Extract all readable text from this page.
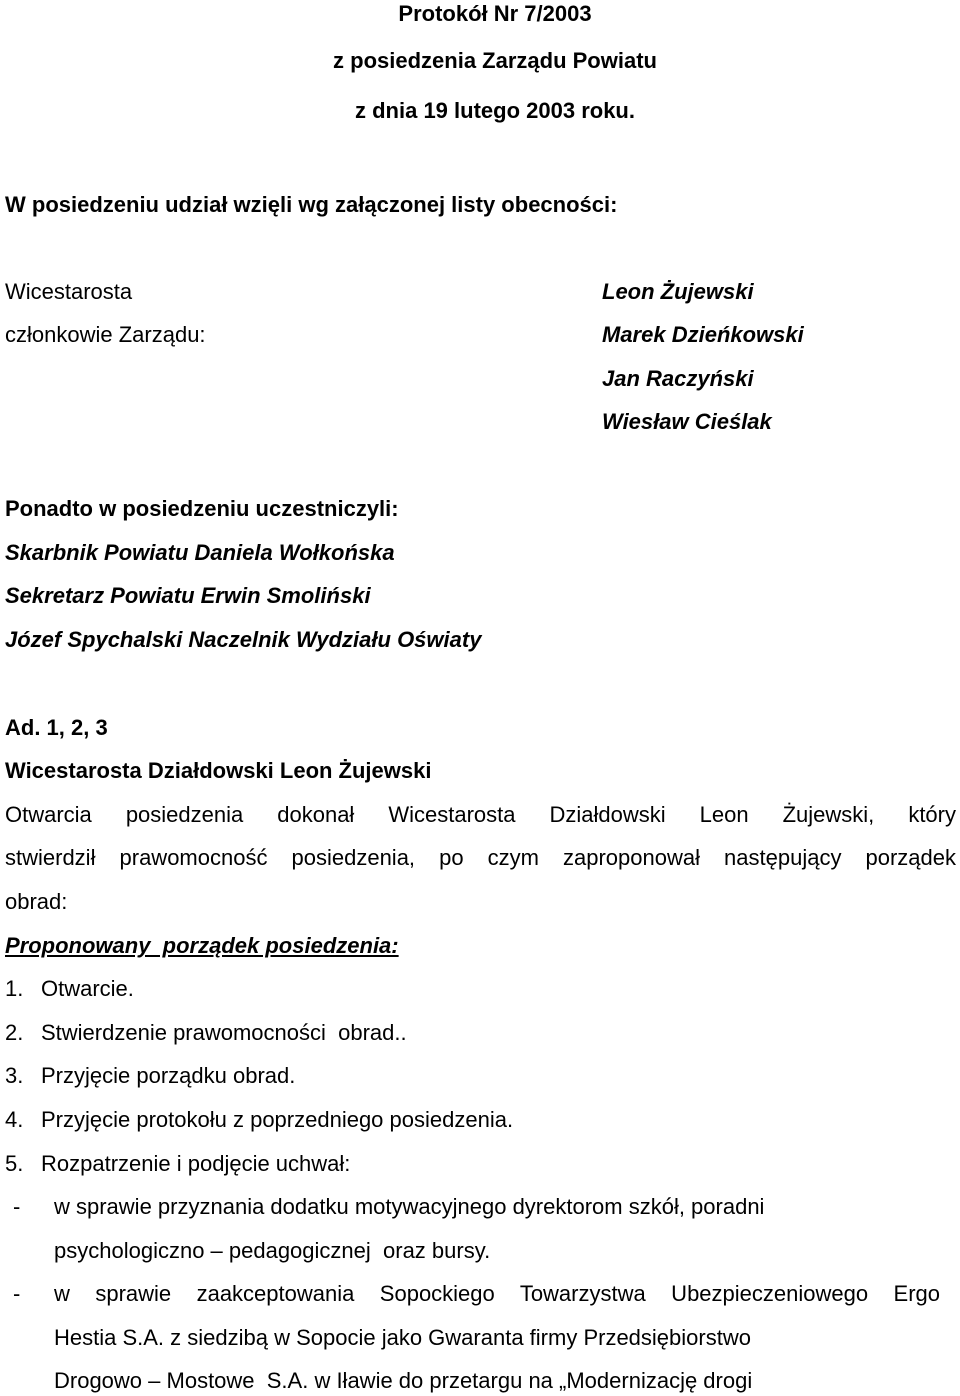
Protokół Nr 7/2003
z posiedzenia Zarządu Powiatu
z dnia 19 lutego 2003 roku.
W posiedzeniu udział wzięli wg załączonej listy obecności:
Wicestarosta
członkowie Zarządu:
Leon Żujewski
Marek Dzieńkowski
Jan Raczyński
Wiesław Cieślak
Ponadto w posiedzeniu uczestniczyli:
Skarbnik Powiatu Daniela Wołkońska
Sekretarz Powiatu Erwin Smoliński
Józef Spychalski Naczelnik Wydziału Oświaty
Ad. 1, 2, 3
Wicestarosta Działdowski Leon Żujewski
Otwarcia posiedzenia dokonał Wicestarosta Działdowski Leon Żujewski, który
stwierdził prawomocność posiedzenia, po czym zaproponował następujący porządek
obrad:
Proponowany  porządek posiedzenia:
1. Otwarcie.
2. Stwierdzenie prawomocności  obrad..
3. Przyjęcie porządku obrad.
4. Przyjęcie protokołu z poprzedniego posiedzenia.
5. Rozpatrzenie i podjęcie uchwał:
- w sprawie przyznania dodatku motywacyjnego dyrektorom szkół, poradni
psychologiczno – pedagogicznej  oraz bursy.
- w sprawie zaakceptowania Sopockiego Towarzystwa Ubezpieczeniowego Ergo
Hestia S.A. z siedzibą w Sopocie jako Gwaranta firmy Przedsiębiorstwo
Drogowo – Mostowe  S.A. w Iławie do przetargu na „Modernizację drogi
